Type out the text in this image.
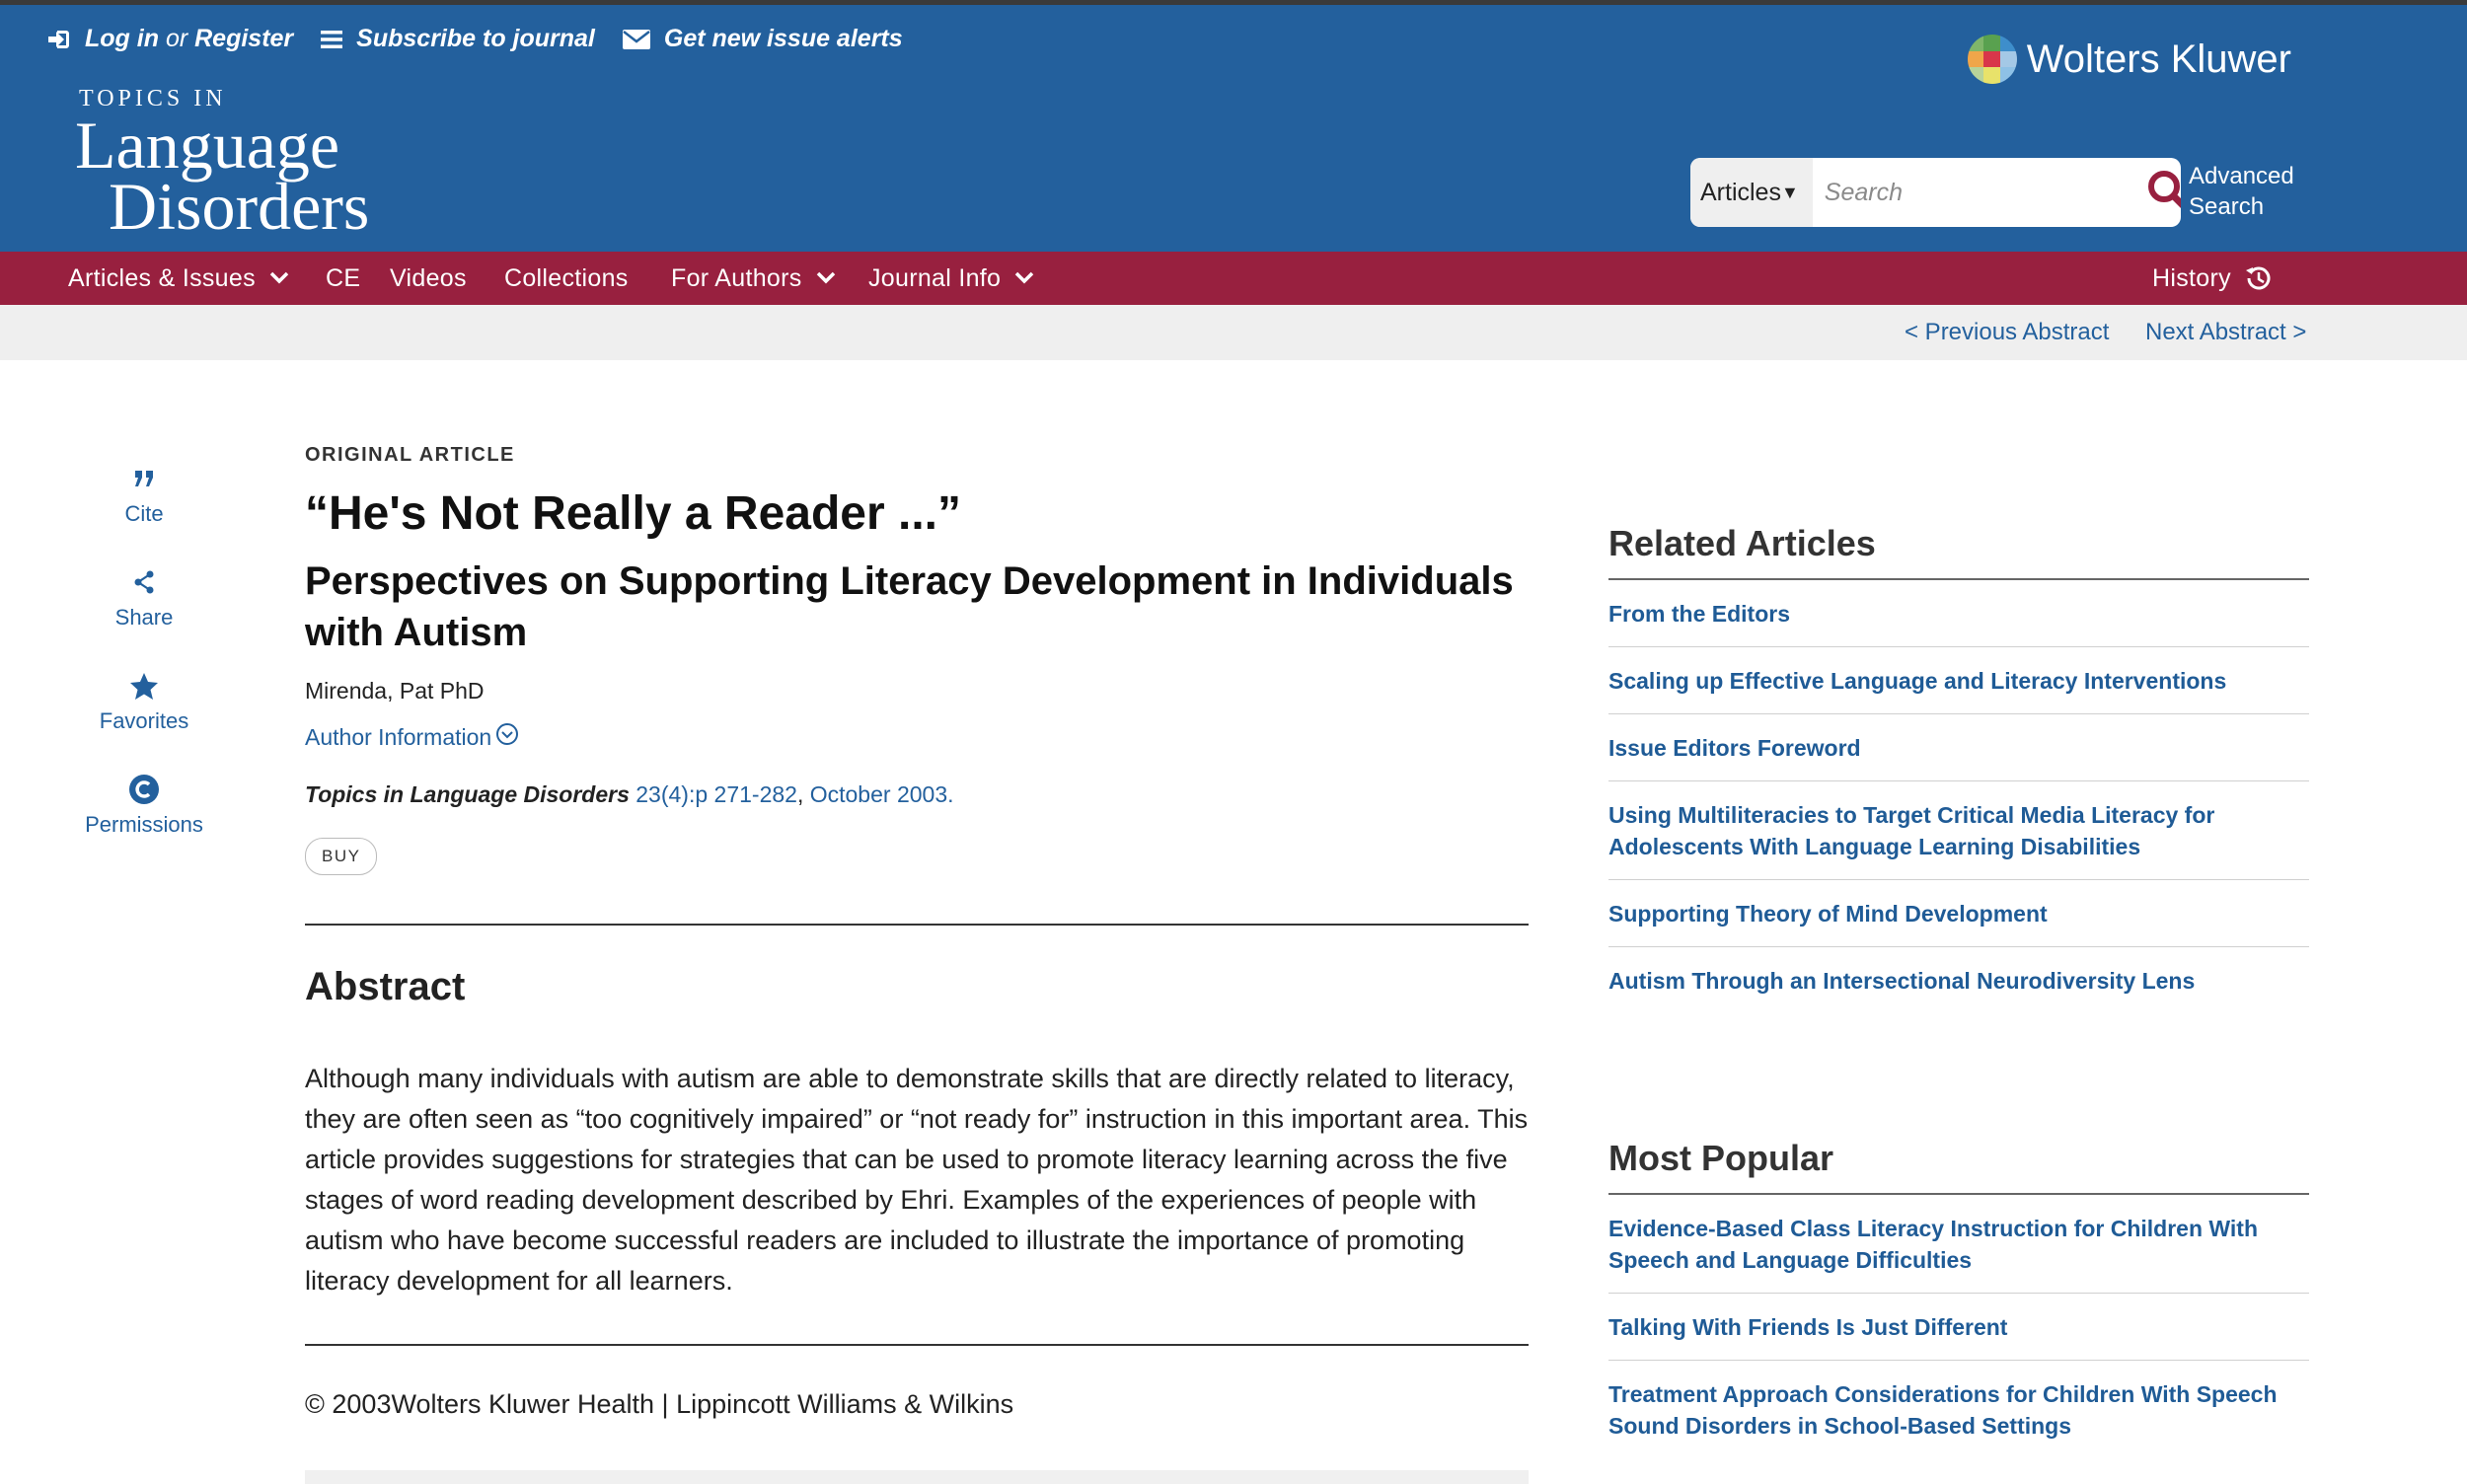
Log in or Register	Subscribe to journal	Get new issue alerts
TOPICS IN
Language
Disorders
Wolters Kluwer
Articles ▼
Search
Advanced
Search
Articles & Issues	CE Videos Collections For Authors	Journal Info	History
< Previous Abstract Next Abstract >
Cite
Share
Favorites
Permissions
ORIGINAL ARTICLE
“He's Not Really a Reader ...”
Perspectives on Supporting Literacy Development in Individuals with Autism
Mirenda, Pat PhD
Author Information
Topics in Language Disorders 23(4):p 271-282, October 2003.
BUY
Abstract
Although many individuals with autism are able to demonstrate skills that are directly related to literacy, they are often seen as “too cognitively impaired” or “not ready for” instruction in this important area. This article provides suggestions for strategies that can be used to promote literacy learning across the five stages of word reading development described by Ehri. Examples of the experiences of people with autism who have become successful readers are included to illustrate the importance of promoting literacy development for all learners.
© 2003Wolters Kluwer Health | Lippincott Williams & Wilkins
Related Articles
From the Editors
Scaling up Effective Language and Literacy Interventions
Issue Editors Foreword
Using Multiliteracies to Target Critical Media Literacy for Adolescents With Language Learning Disabilities
Supporting Theory of Mind Development
Autism Through an Intersectional Neurodiversity Lens
Most Popular
Evidence-Based Class Literacy Instruction for Children With Speech and Language Difficulties
Talking With Friends Is Just Different
Treatment Approach Considerations for Children With Speech Sound Disorders in School-Based Settings
